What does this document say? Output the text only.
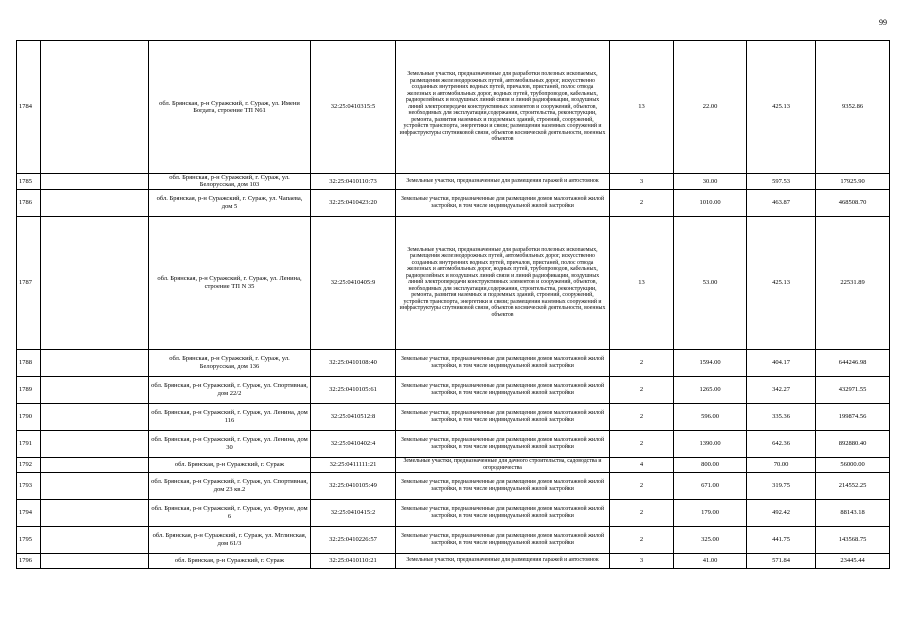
99
1784		обл. Брянская, р-н Суражский, г. Сураж, ул. Имени Богдата, строение ТП N61	32:25:0410315:5	Земельные участки, предназначенные для разработки полезных ископаемых, размещения железнодорожных путей, автомобильных дорог, искусственно созданных внутренних водных путей, причалов, пристаней, полос отвода железных и автомобильных дорог, водных путей, трубопроводов, кабельных, радиорелейных и воздушных линий связи и линий радиофикации, воздушных линий электропередачи конструктивных элементов и сооружений, объектов, необходимых для эксплуатации,содержания, строительства, реконструкции, ремонта, развития наземных и подземных зданий, строений, сооружений, устройств транспорта, энергетики и связи; размещения наземных сооружений и инфраструктуры спутниковой связи, объектов космической деятельности, военных объектов	13	22.00	425.13	9352.86
1785		обл. Брянская, р-н Суражский, г. Сураж, ул. Белорусская, дом 103	32:25:0410110:73	Земельные участки, предназначенные для размещения гаражей и автостоянок	3	30.00	597.53	17925.90
1786		обл. Брянская, р-н Суражский, г. Сураж, ул. Чапаева, дом 5	32:25:0410423:20	Земельные участки, предназначенные для размещения домов малоэтажной жилой застройки, в том числе индивидуальной жилой застройки	2	1010.00	463.87	468508.70
1787		обл. Брянская, р-н Суражский, г. Сураж, ул. Ленина, строение ТП N 35	32:25:0410405:9	Земельные участки, предназначенные для разработки полезных ископаемых, размещения железнодорожных путей, автомобильных дорог, искусственно созданных внутренних водных путей, причалов, пристаней, полос отвода железных и автомобильных дорог, водных путей, трубопроводов, кабельных, радиорелейных и воздушных линий связи и линий радиофикации, воздушных линий электропередачи конструктивных элементов и сооружений, объектов, необходимых для эксплуатации,содержания, строительства, реконструкции, ремонта, развития наземных и подземных зданий, строений, сооружений, устройств транспорта, энергетики и связи; размещения наземных сооружений и инфраструктуры спутниковой связи, объектов космической деятельности, военных объектов	13	53.00	425.13	22531.89
1788		обл. Брянская, р-н Суражский, г. Сураж, ул. Белорусская, дом 136	32:25:0410108:40	Земельные участки, предназначенные для размещения домов малоэтажной жилой застройки, в том числе индивидуальной жилой застройки	2	1594.00	404.17	644246.98
1789		обл. Брянская, р-н Суражский, г. Сураж, ул. Спортивная, дом 22/2	32:25:0410105:61	Земельные участки, предназначенные для размещения домов малоэтажной жилой застройки, в том числе индивидуальной жилой застройки	2	1265.00	342.27	432971.55
1790		обл. Брянская, р-н Суражский, г. Сураж, ул. Ленина, дом 116	32:25:0410512:8	Земельные участки, предназначенные для размещения домов малоэтажной жилой застройки, в том числе индивидуальной жилой застройки	2	596.00	335.36	199874.56
1791		обл. Брянская, р-н Суражский, г. Сураж, ул. Ленина, дом 30	32:25:0410402:4	Земельные участки, предназначенные для размещения домов малоэтажной жилой застройки, в том числе индивидуальной жилой застройки	2	1390.00	642.36	892880.40
1792		обл. Брянская, р-н Суражский, г. Сураж	32:25:0411111:21	Земельные участки, предназначенные для дачного строительства, садоводства и огородничества	4	800.00	70.00	56000.00
1793		обл. Брянская, р-н Суражский, г. Сураж, ул. Спортивная, дом 23 кв.2	32:25:0410105:49	Земельные участки, предназначенные для размещения домов малоэтажной жилой застройки, в том числе индивидуальной жилой застройки	2	671.00	319.75	214552.25
1794		обл. Брянская, р-н Суражский, г. Сураж, ул. Фрунзе, дом 6	32:25:0410415:2	Земельные участки, предназначенные для размещения домов малоэтажной жилой застройки, в том числе индивидуальной жилой застройки	2	179.00	492.42	88143.18
1795		обл. Брянская, р-н Суражский, г. Сураж, ул. Мглинская, дом 61/3	32:25:0410226:57	Земельные участки, предназначенные для размещения домов малоэтажной жилой застройки, в том числе индивидуальной жилой застройки	2	325.00	441.75	143568.75
1796		обл. Брянская, р-н Суражский, г. Сураж	32:25:0410110:21	Земельные участки, предназначенные для размещения гаражей и автостоянок	3	41.00	571.84	23445.44
